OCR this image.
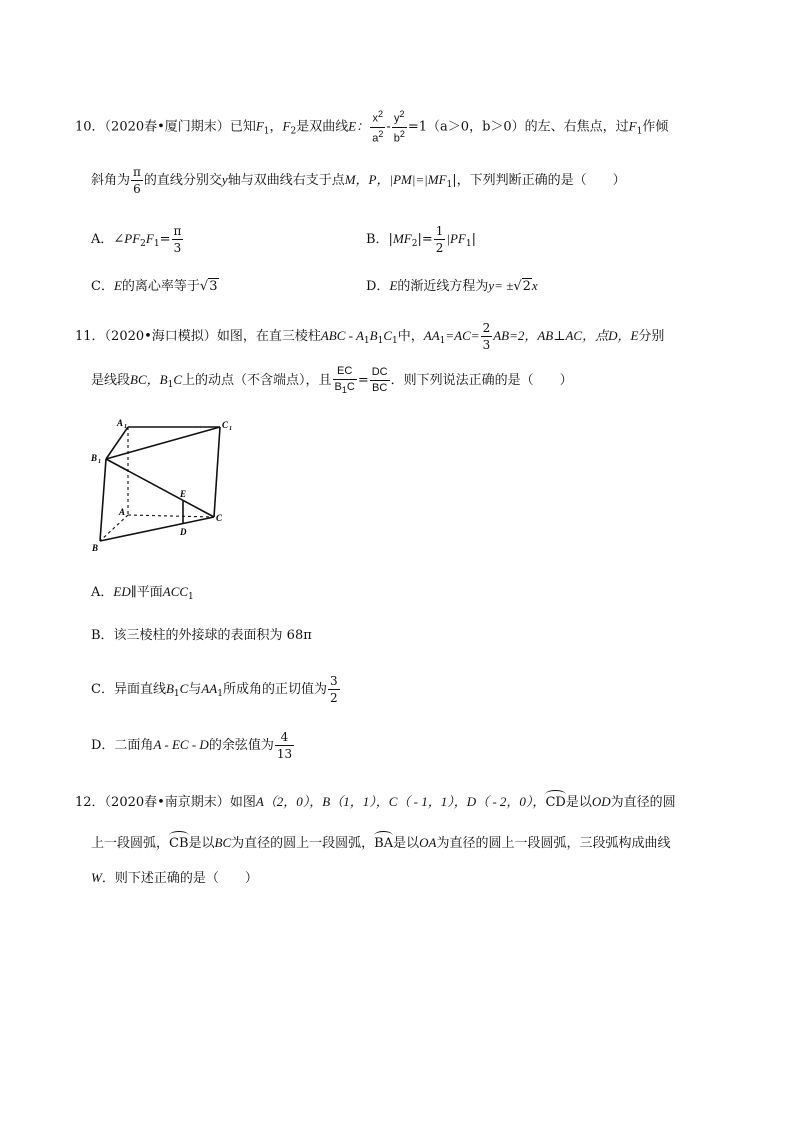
10．（2020春•厦门期末）已知$F_1$，$F_2$是双曲线E： $\frac{x^2}{a^2} - \frac{y^2}{b^2} =1(a>0$，b＞0）的左、右焦点，过$F_1$作倾
斜角为 $\frac{\pi}{6}$ 的直线分别交y轴与双曲线右支于点M，P，$|PM|=|MF_1|$，下列判断正确的是（　　）
A．$\angle PF_2F_1= \frac{\pi}{3}$	B．$|MF_2|= \frac{1}{2} |PF_1|$
C．E的离心率等于√3	D．E的渐近线方程为y= ±√2x
11．（2020•海口模拟）如图，在直三棱柱ABC - $A_1B_1C_1$中，$AA_1=AC= \frac{2}{3} AB=2$，AB⊥AC，点D，E分别
是线段BC，$B_1C$上的动点（不含端点），且 $\frac{EC}{B_1C} = \frac{DC}{BC}$ ．则下列说法正确的是（　　）
A 1	C 1
B 1
E
A
C
D
B
A．ED∥平面$ACC_1$
B．该三棱柱的外接球的表面积为 68π
C．异面直线$B_1C$与$AA_1$所成角的正切值为 $\frac{3}{2}$
D．二面角A - EC - D的余弦值为 $\frac{4}{13}$
12．（2020春•南京期末）如图A（2，0），B（1，1），C（ - 1，1），D（ - 2，0），CD是以OD为直径的圆
上一段圆弧，CB是以BC为直径的圆上一段圆弧，BA是以OA为直径的圆上一段圆弧，三段弧构成曲线
W．则下述正确的是（　　）
